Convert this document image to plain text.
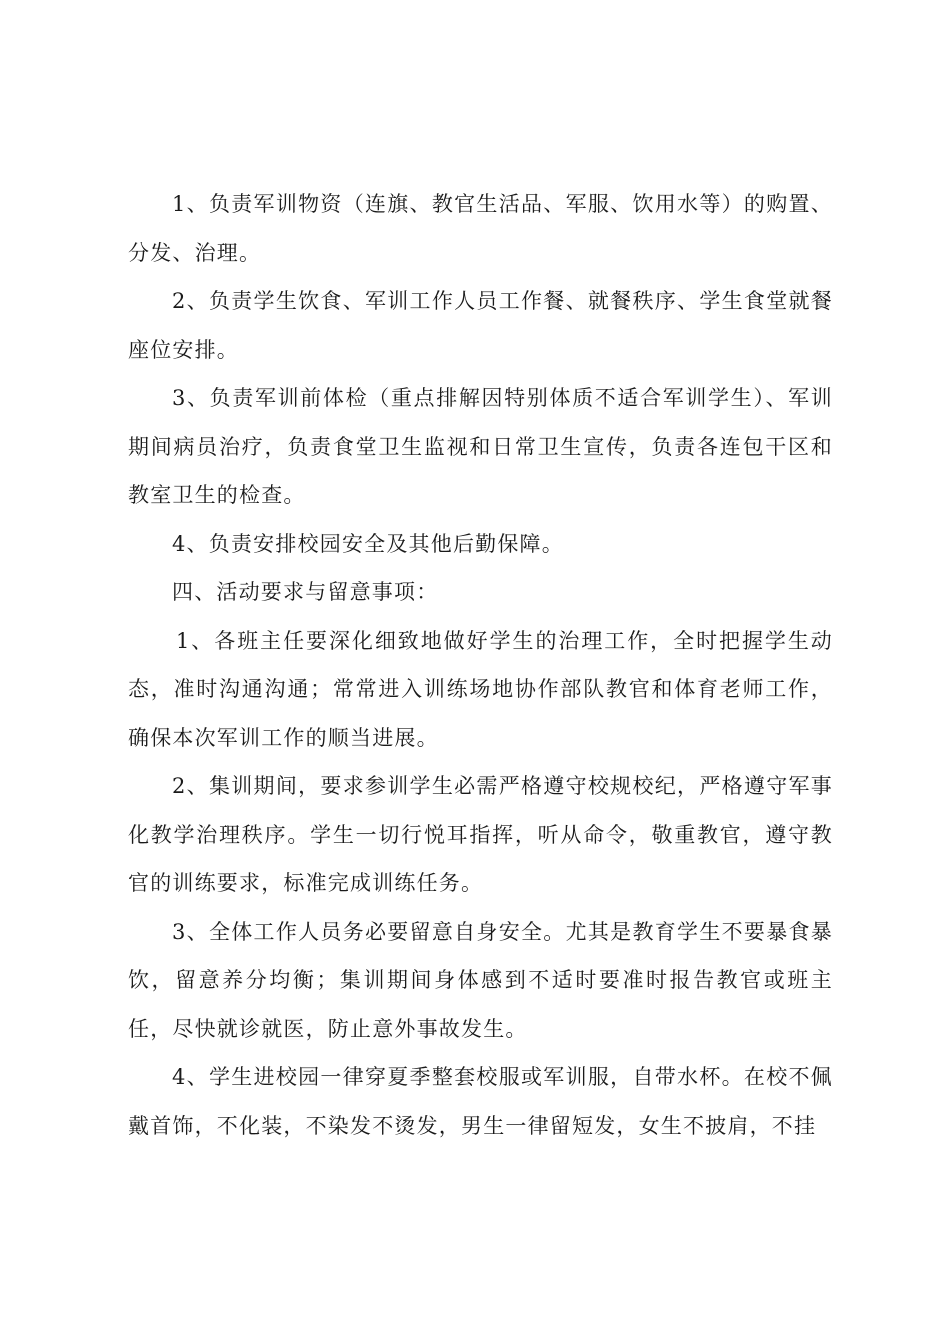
1、负责军训物资（连旗、教官生活品、军服、饮用水等）的购置、分发、治理。

2、负责学生饮食、军训工作人员工作餐、就餐秩序、学生食堂就餐座位安排。

3、负责军训前体检（重点排解因特别体质不适合军训学生）、军训期间病员治疗，负责食堂卫生监视和日常卫生宣传，负责各连包干区和教室卫生的检查。

4、负责安排校园安全及其他后勤保障。

四、活动要求与留意事项：

1、各班主任要深化细致地做好学生的治理工作，全时把握学生动态，准时沟通沟通；常常进入训练场地协作部队教官和体育老师工作，确保本次军训工作的顺当进展。

2、集训期间，要求参训学生必需严格遵守校规校纪，严格遵守军事化教学治理秩序。学生一切行悦耳指挥，听从命令，敬重教官，遵守教官的训练要求，标准完成训练任务。

3、全体工作人员务必要留意自身安全。尤其是教育学生不要暴食暴饮，留意养分均衡；集训期间身体感到不适时要准时报告教官或班主任，尽快就诊就医，防止意外事故发生。

4、学生进校园一律穿夏季整套校服或军训服，自带水杯。在校不佩戴首饰，不化装，不染发不烫发，男生一律留短发，女生不披肩，不挂
